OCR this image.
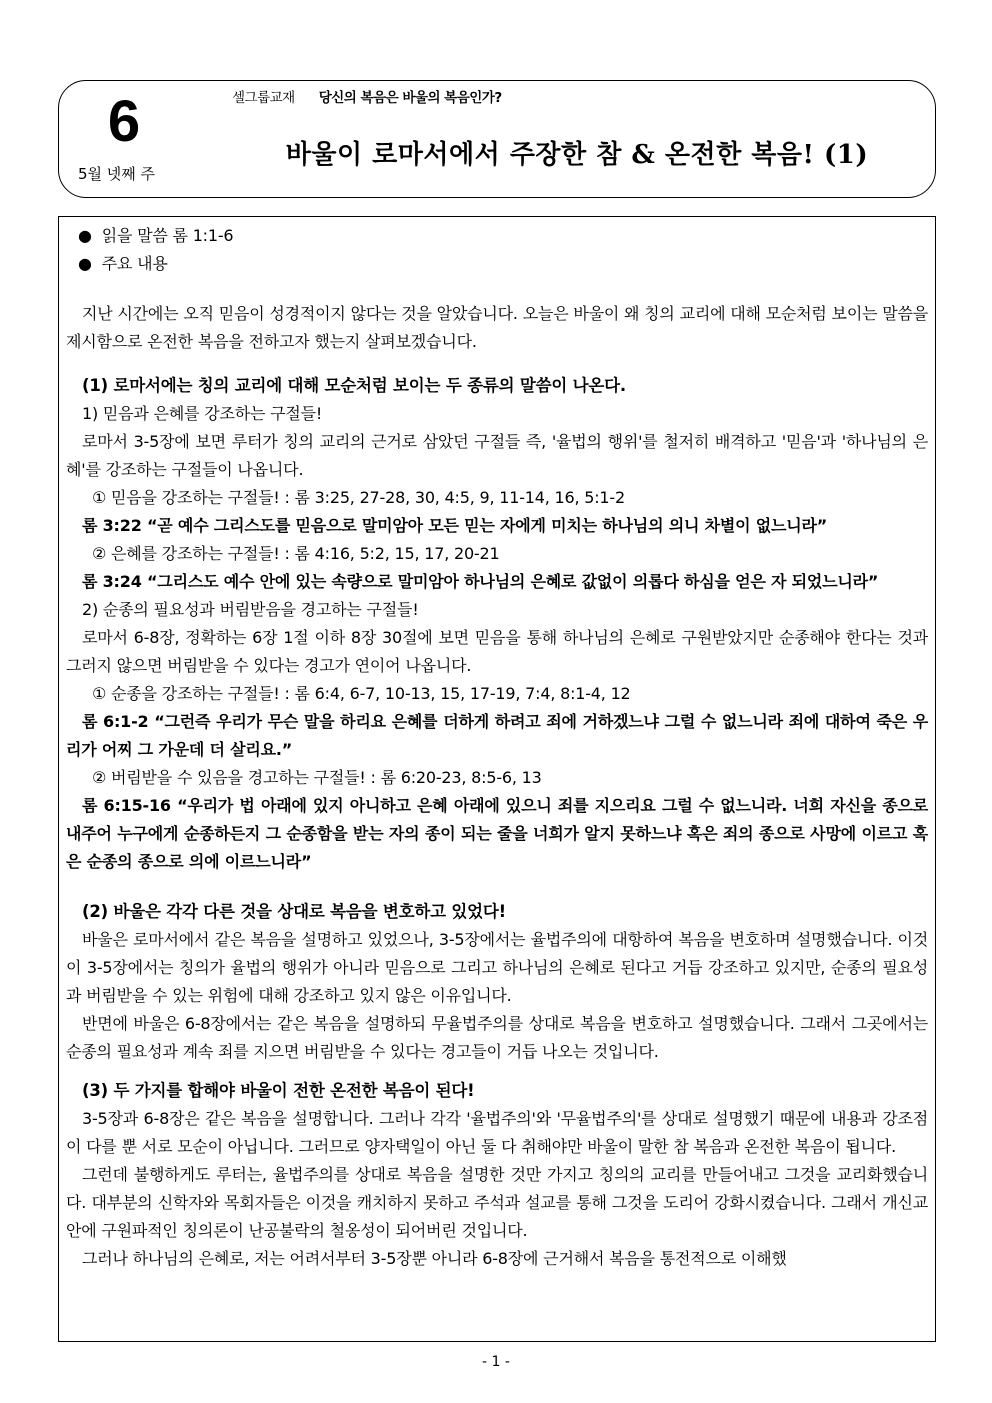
6
5월 넷째 주
셀그룹교재 당신의 복음은 바울의 복음인가?
바울이 로마서에서 주장한 참 & 온전한 복음! (1)

● 읽을 말씀 롬 1:1-6

● 주요 내용

지난 시간에는 오직 믿음이 성경적이지 않다는 것을 알았습니다. 오늘은 바울이 왜 칭의 교리에 대해 모순처럼 보이는 말씀을 제시함으로 온전한 복음을 전하고자 했는지 살펴보겠습니다.

(1) 로마서에는 칭의 교리에 대해 모순처럼 보이는 두 종류의 말씀이 나온다.

1) 믿음과 은혜를 강조하는 구절들!

로마서 3-5장에 보면 루터가 칭의 교리의 근거로 삼았던 구절들 즉, '율법의 행위'를 철저히 배격하고 '믿음'과 '하나님의 은혜'를 강조하는 구절들이 나옵니다.

① 믿음을 강조하는 구절들! : 롬 3:25, 27-28, 30, 4:5, 9, 11-14, 16, 5:1-2

롬 3:22 “곧 예수 그리스도를 믿음으로 말미암아 모든 믿는 자에게 미치는 하나님의 의니 차별이 없느니라”

② 은혜를 강조하는 구절들! : 롬 4:16, 5:2, 15, 17, 20-21

롬 3:24 “그리스도 예수 안에 있는 속량으로 말미암아 하나님의 은혜로 값없이 의롭다 하심을 얻은 자 되었느니라”

2) 순종의 필요성과 버림받음을 경고하는 구절들!

로마서 6-8장, 정확하는 6장 1절 이하 8장 30절에 보면 믿음을 통해 하나님의 은혜로 구원받았지만 순종해야 한다는 것과 그러지 않으면 버림받을 수 있다는 경고가 연이어 나옵니다.

① 순종을 강조하는 구절들! : 롬 6:4, 6-7, 10-13, 15, 17-19, 7:4, 8:1-4, 12

롬 6:1-2 “그런즉 우리가 무슨 말을 하리요 은혜를 더하게 하려고 죄에 거하겠느냐 그럴 수 없느니라 죄에 대하여 죽은 우리가 어찌 그 가운데 더 살리요.”

② 버림받을 수 있음을 경고하는 구절들! : 롬 6:20-23, 8:5-6, 13

롬 6:15-16 “우리가 법 아래에 있지 아니하고 은혜 아래에 있으니 죄를 지으리요 그럴 수 없느니라. 너희 자신을 종으로 내주어 누구에게 순종하든지 그 순종함을 받는 자의 종이 되는 줄을 너희가 알지 못하느냐 혹은 죄의 종으로 사망에 이르고 혹은 순종의 종으로 의에 이르느니라”

(2) 바울은 각각 다른 것을 상대로 복음을 변호하고 있었다!

바울은 로마서에서 같은 복음을 설명하고 있었으나, 3-5장에서는 율법주의에 대항하여 복음을 변호하며 설명했습니다. 이것이 3-5장에서는 칭의가 율법의 행위가 아니라 믿음으로 그리고 하나님의 은혜로 된다고 거듭 강조하고 있지만, 순종의 필요성과 버림받을 수 있는 위험에 대해 강조하고 있지 않은 이유입니다.

반면에 바울은 6-8장에서는 같은 복음을 설명하되 무율법주의를 상대로 복음을 변호하고 설명했습니다. 그래서 그곳에서는 순종의 필요성과 계속 죄를 지으면 버림받을 수 있다는 경고들이 거듭 나오는 것입니다.

(3) 두 가지를 합해야 바울이 전한 온전한 복음이 된다!

3-5장과 6-8장은 같은 복음을 설명합니다. 그러나 각각 '율법주의'와 '무율법주의'를 상대로 설명했기 때문에 내용과 강조점이 다를 뿐 서로 모순이 아닙니다. 그러므로 양자택일이 아닌 둘 다 취해야만 바울이 말한 참 복음과 온전한 복음이 됩니다.

그런데 불행하게도 루터는, 율법주의를 상대로 복음을 설명한 것만 가지고 칭의의 교리를 만들어내고 그것을 교리화했습니다. 대부분의 신학자와 목회자들은 이것을 캐치하지 못하고 주석과 설교를 통해 그것을 도리어 강화시켰습니다. 그래서 개신교 안에 구원파적인 칭의론이 난공불락의 철옹성이 되어버린 것입니다.

그러나 하나님의 은혜로, 저는 어려서부터 3-5장뿐 아니라 6-8장에 근거해서 복음을 통전적으로 이해했

- 1 -
